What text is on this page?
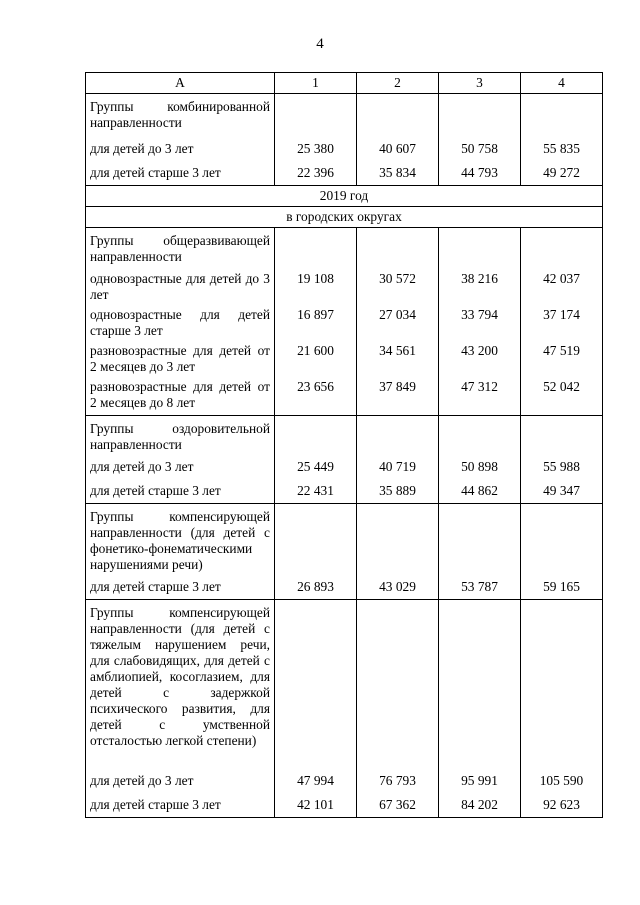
4
А	1	2	3	4
Группы комбинированной направленности				
для детей до 3 лет	25 380	40 607	50 758	55 835
для детей старше 3 лет	22 396	35 834	44 793	49 272
2019 год				
в городских округах				
Группы общеразвивающей направленности				
одновозрастные для детей до 3 лет	19 108	30 572	38 216	42 037
одновозрастные для детей старше 3 лет	16 897	27 034	33 794	37 174
разновозрастные для детей от 2 месяцев до 3 лет	21 600	34 561	43 200	47 519
разновозрастные для детей от 2 месяцев до 8 лет	23 656	37 849	47 312	52 042
Группы оздоровительной направленности				
для детей до 3 лет	25 449	40 719	50 898	55 988
для детей старше 3 лет	22 431	35 889	44 862	49 347
Группы компенсирующей направленности (для детей с фонетико-фонематическими нарушениями речи)				
для детей старше 3 лет	26 893	43 029	53 787	59 165
Группы компенсирующей направленности (для детей с тяжелым нарушением речи, для слабовидящих, для детей с амблиопией, косоглазием, для детей с задержкой психического развития, для детей с умственной отсталостью легкой степени)				
для детей до 3 лет	47 994	76 793	95 991	105 590
для детей старше 3 лет	42 101	67 362	84 202	92 623
